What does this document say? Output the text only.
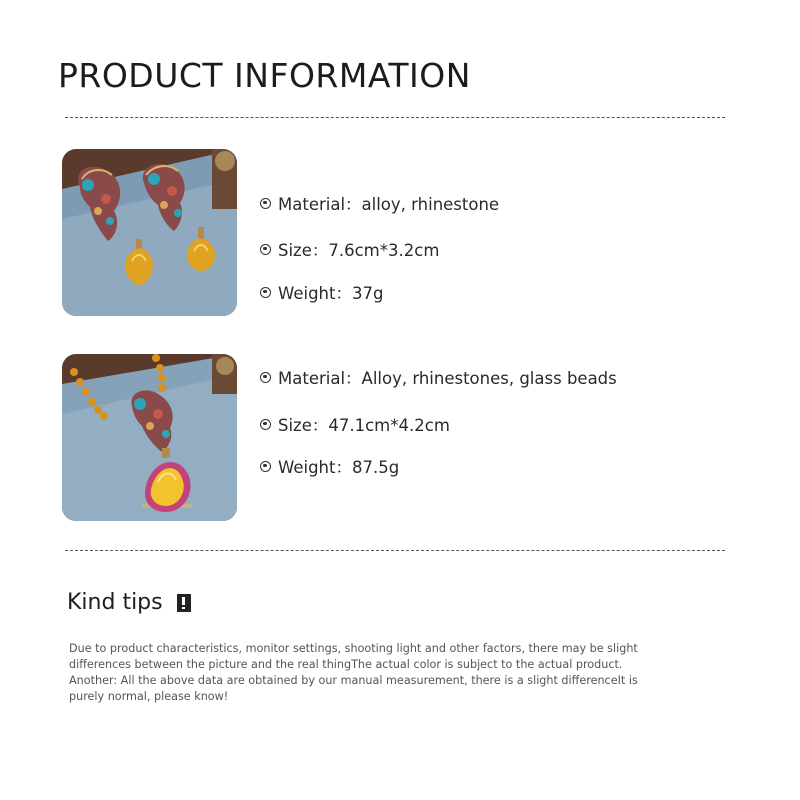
PRODUCT INFORMATION
Material：alloy, rhinestone
Size：7.6cm*3.2cm
Weight：37g
Material：Alloy, rhinestones, glass beads
Size：47.1cm*4.2cm
Weight：87.5g
Kind tips
Due to product characteristics, monitor settings, shooting light and other factors, there may be slight
differences between the picture and the real thingThe actual color is subject to the actual product.
Another: All the above data are obtained by our manual measurement, there is a slight differenceIt is
purely normal, please know!
